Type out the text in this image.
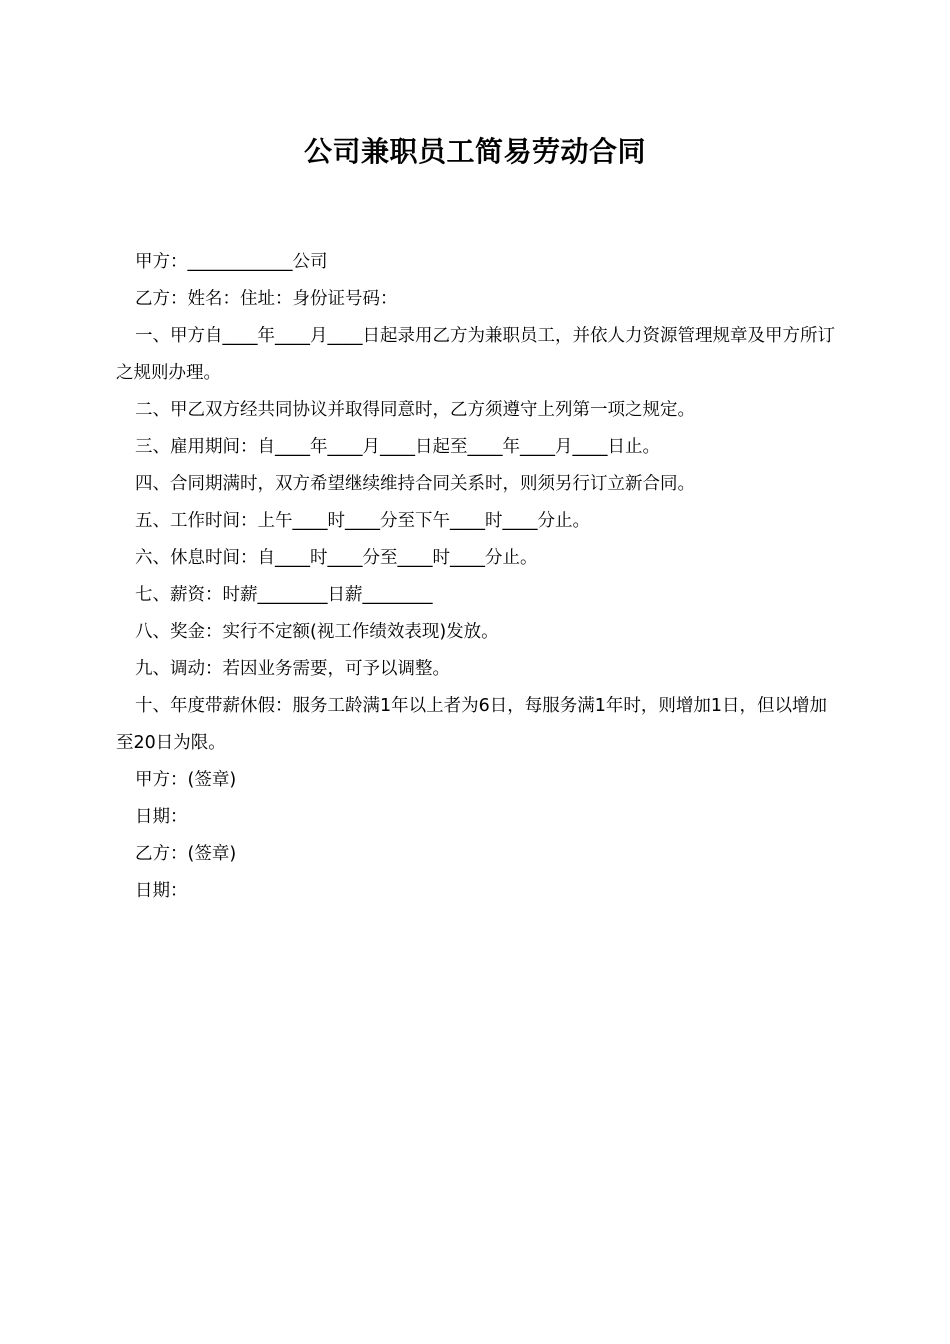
公司兼职员工简易劳动合同

甲方：____________公司

乙方：姓名：住址：身份证号码：

一、甲方自____年____月____日起录用乙方为兼职员工，并依人力资源管理规章及甲方所订之规则办理。

二、甲乙双方经共同协议并取得同意时，乙方须遵守上列第一项之规定。

三、雇用期间：自____年____月____日起至____年____月____日止。

四、合同期满时，双方希望继续维持合同关系时，则须另行订立新合同。

五、工作时间：上午____时____分至下午____时____分止。

六、休息时间：自____时____分至____时____分止。

七、薪资：时薪________日薪________

八、奖金：实行不定额(视工作绩效表现)发放。

九、调动：若因业务需要，可予以调整。

十、年度带薪休假：服务工龄满1年以上者为6日，每服务满1年时，则增加1日，但以增加至20日为限。

甲方：(签章)

日期：

乙方：(签章)

日期：
